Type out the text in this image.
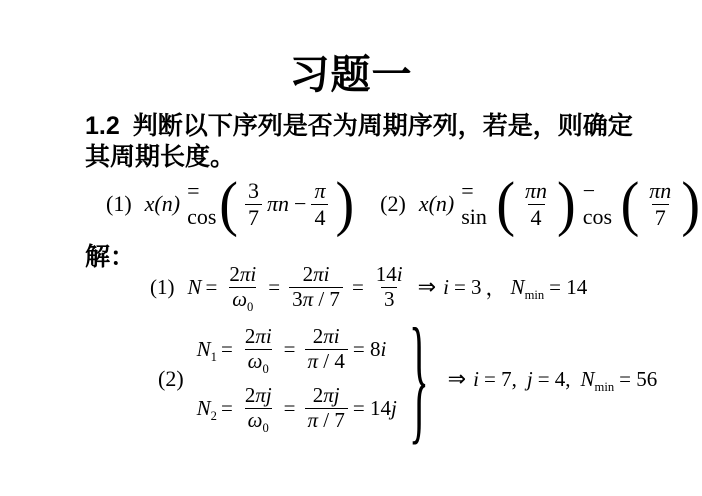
习题一
1.2 判断以下序列是否为周期序列，若是，则确定
其周期长度。
(1) x(n)
= cos ( $\frac{3}{7}$ $\pi n - \frac{\pi}{4}$ ) (2) x(n)
= sin ( $\frac{\pi n}{4}$ ) − cos ( $\frac{\pi n}{7}$ )
解：
(1) $N = \frac{2\pi i}{\omega_0} = \frac{2\pi i}{3\pi / 7} = \frac{14i}{3}$ ⇒ i = 3 ， $N_{min} = 14$
(2)
$N_1 = \frac{2\pi i}{\omega_0} = \frac{2\pi i}{\pi / 4} = 8$ i
$N_2 = \frac{2\pi j}{\omega_0} = \frac{2\pi j}{\pi / 7} = 14$ j } ⇒ i = 7, j = 4, $N_{min} = 56$
